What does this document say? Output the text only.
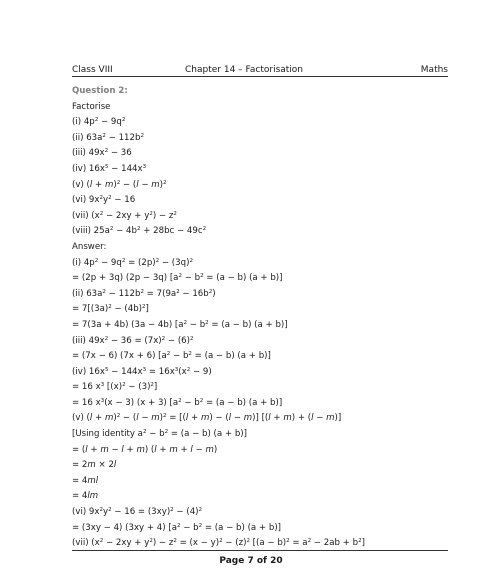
Class VIII	Chapter 14 – Factorisation	Maths
Question 2:
Factorise
(i) $4p^2 - 9q^2$
(ii) $63a^2 - 112b^2$
(iii) $49x^2 - 36$
(iv) $16x^5 - 144x^3$
(v) $(l + m)^2 - (l - m)^2$
(vi) $9x^2y^2 - 16$
(vii) $(x^2 - 2xy + y^2) - z^2$
(viii) $25a^2 - 4b^2 + 28bc - 49c^2$
Answer:
(i) $4p^2 - 9q^2 = (2p)^2 - (3q)^2$
= (2p + 3q) (2p − 3q) $[a^2 - b^2 = (a - b) (a + b)]$
(ii) $63a^2 - 112b^2 = 7(9a^2 - 16b^2)$
= $7[(3a)^2 - (4b)^2]$
= 7(3a + 4b) (3a − 4b) $[a^2 - b^2 = (a - b) (a + b)]$
(iii) $49x^2 - 36 = (7x)^2 - (6)^2$
= (7x − 6) (7x + 6) $[a^2 - b^2 = (a - b) (a + b)]$
(iv) $16x^5 - 144x^3 = 16x^3(x^2 - 9)$
= 16 $x^3$ $[(x)^2 - (3)^2]$
= 16 $x^3(x - 3) (x + 3) [a^2 - b^2 = (a - b) (a + b)]$
(v) $(l + m)^2 - (l - m)^2 = [(l + m) - (l - m)] [(l + m) + (l - m)]$
[Using identity $a^2 - b^2 = (a - b) (a + b)$]
= (l + m − l + m) (l + m + l − m)
= 2m × 2l
= 4ml
= 4lm
(vi) $9x^2y^2 - 16 = (3xy)^2 - (4)^2$
= (3xy − 4) (3xy + 4) $[a^2 - b^2 = (a - b) (a + b)]$
(vii) $(x^2 - 2xy + y^2) - z^2 = (x - y)^2 - (z)^2$ $[(a - b)^2 = a^2 - 2ab + b^2]$
Page 7 of 20
